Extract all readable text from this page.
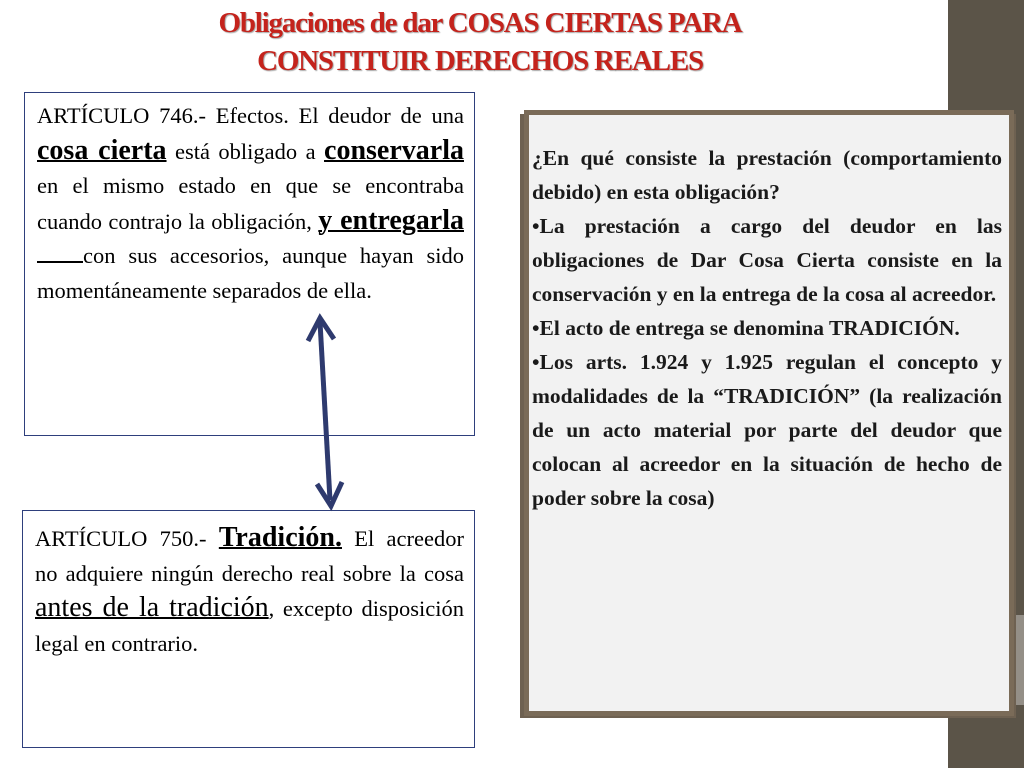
Obligaciones de dar COSAS CIERTAS PARA
CONSTITUIR DERECHOS REALES
ARTÍCULO 746.- Efectos. El deudor de una cosa cierta está obligado a conservarla en el mismo estado en que se encontraba cuando contrajo la obligación, y entregarlacon sus accesorios, aunque hayan sido momentáneamente separados de ella.
ARTÍCULO 750.- Tradición. El acreedor no adquiere ningún derecho real sobre la cosa antes de la tradición, excepto disposición legal en contrario.

¿En qué consiste la prestación (comportamiento debido) en esta obligación?

•La prestación a cargo del deudor en las obligaciones de Dar Cosa Cierta consiste en la conservación y en la entrega de la cosa al acreedor.

•El acto de entrega se denomina TRADICIÓN.

•Los arts. 1.924 y 1.925 regulan el concepto y modalidades de la “TRADICIÓN” (la realización de un acto material por parte del deudor que colocan al acreedor en la situación de hecho de poder sobre la cosa)
